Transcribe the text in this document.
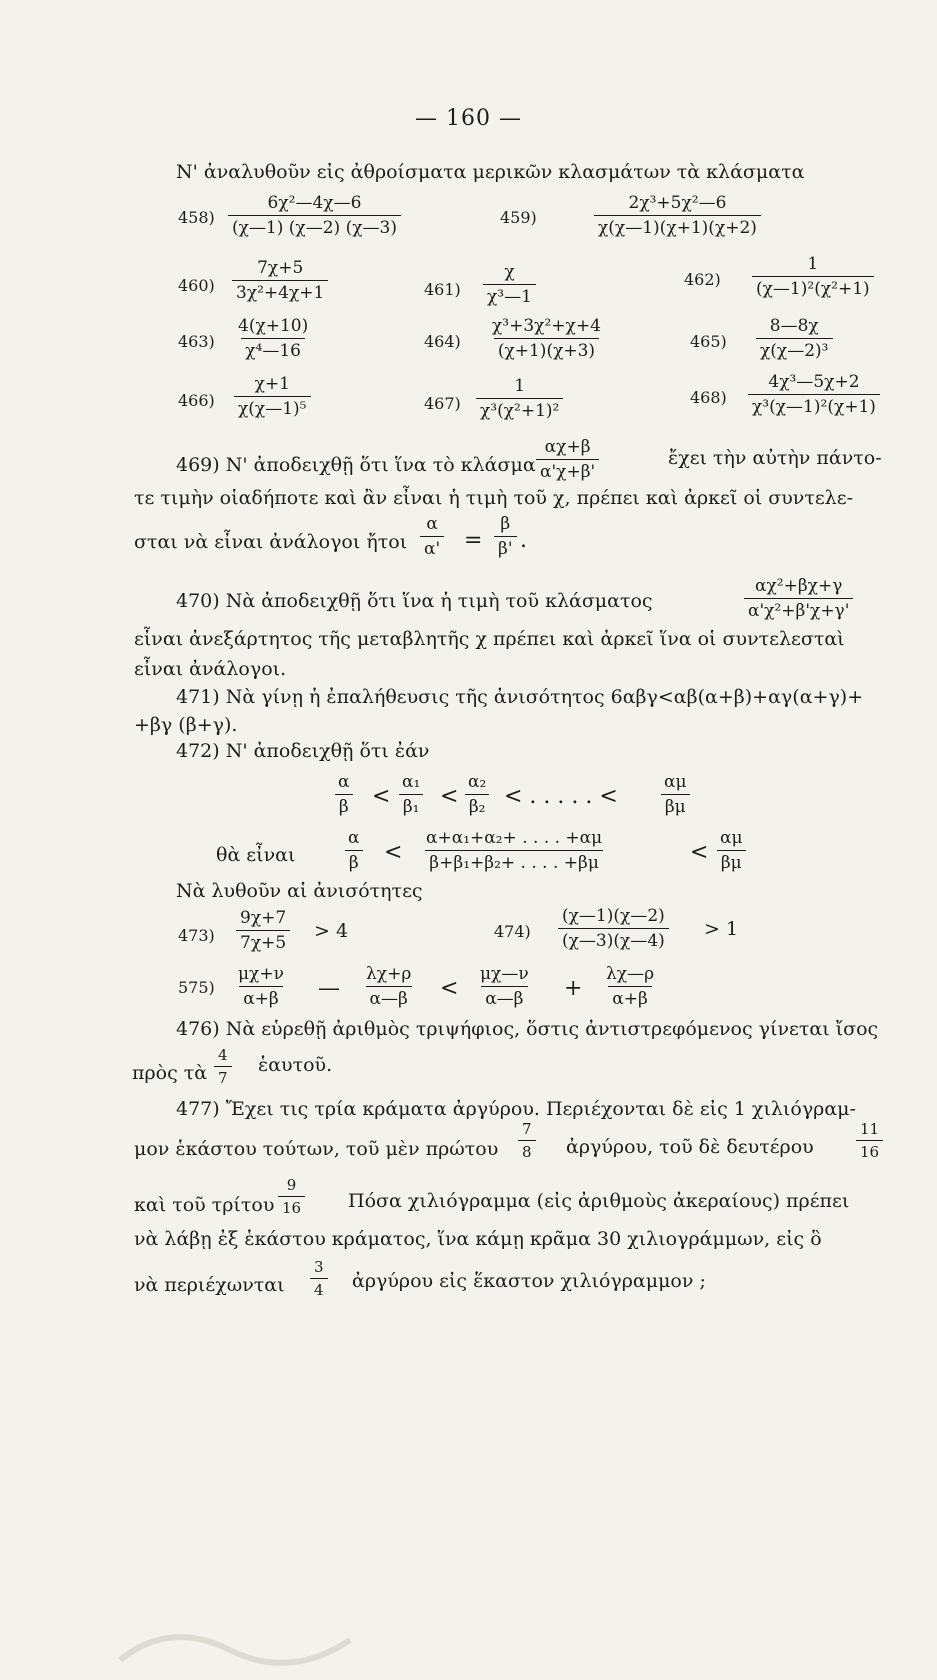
— 160 —
Ν' ἀναλυθοῦν εἰς ἀθροίσματα μερικῶν κλασμάτων τὰ κλάσματα
$458) \frac{\text{6χ²—4χ—6}}{(\chi—1) (\chi—2) (\chi—3)}$	459)	$\frac{\text{2χ³+5χ²—6}}{\chi(\chi—1)(\chi+1)(\chi+2)}$
$460) \frac{7\chi+5}{\text{3χ²+4χ+1}}$	$461) \frac{\chi}{\text{χ³—1}}$	$462) \frac{1}{\text{(χ—1)²(χ²+1)}}$
$463) \frac{4(\chi+10)}{\text{χ⁴—16}}$	$464) \frac{\text{χ³+3χ²+χ+4}}{(\chi+1)(\chi+3)}$	$465) \frac{8—8\chi}{\text{χ(χ—2)³}}$
$466) \frac{\chi+1}{\text{χ(χ—1)⁵}}$	$467) \frac{1}{\text{χ³(χ²+1)²}}$	$468) \frac{\text{4χ³—5χ+2}}{\text{χ³(χ—1)²(χ+1)}}$
469) Ν' ἀποδειχθῇ ὅτι ἵνα τὸ κλάσμα $\frac{\alpha\chi+\beta}{\alpha'\chi+\beta'}$	ἔχει τὴν αὐτὴν πάντο-
τε τιμὴν οἱαδήποτε καὶ ἂν εἶναι ἡ τιμὴ τοῦ χ, πρέπει καὶ ἀρκεῖ οἱ συντελε-
σται νὰ εἶναι ἀνάλογοι ἤτοι $\frac{\alpha}{\alpha'} = \frac{\beta}{\beta'}$ .
470) Νὰ ἀποδειχθῇ ὅτι ἵνα ἡ τιμὴ τοῦ κλάσματος	$\frac{\text{αχ²+βχ+γ}}{\text{α'χ²+β'χ+γ'}}$
εἶναι ἀνεξάρτητος τῆς μεταβλητῆς χ πρέπει καὶ ἀρκεῖ ἵνα οἱ συντελεσταὶ
εἶναι ἀνάλογοι.
471) Νὰ γίνῃ ἡ ἐπαλήθευσις τῆς ἀνισότητος 6αβγ<αβ(α+β)+αγ(α+γ)+
+βγ (β+γ).
472) Ν' ἀποδειχθῇ ὅτι ἐάν
$\frac{\alpha}{\beta} < \frac{\text{α₁}}{\text{β₁}} < \frac{\text{α₂}}{\text{β₂}}$ < . . . . . < $\frac{\alpha\mu}{\beta\mu}$
θὰ εἶναι	$\frac{\alpha}{\beta} < \frac{\text{α+α₁+α₂+ . . . . +αμ}}{\text{β+β₁+β₂+ . . . . +βμ}}$	< $\frac{\alpha\mu}{\beta\mu}$
Νὰ λυθοῦν αἱ ἀνισότητες
$473) \frac{9\chi+7}{7\chi+5} > 4$	$474) \frac{(\chi—1)(\chi—2)}{(\chi—3)(\chi—4)} > 1$
$575) \frac{\mu\chi+\nu}{\alpha+\beta}$ — $\frac{\lambda\chi+\rho}{\alpha—\beta} < \frac{\mu\chi—\nu}{\alpha—\beta} + \frac{\lambda\chi—\rho}{\alpha+\beta}$
476) Νὰ εὑρεθῇ ἀριθμὸς τριψήφιος, ὅστις ἀντιστρεφόμενος γίνεται ἴσος
πρὸς τὰ $\frac{4}{7}$ ἑαυτοῦ.
477) Ἔχει τις τρία κράματα ἀργύρου. Περιέχονται δὲ εἰς 1 χιλιόγραμ-
μον ἑκάστου τούτων, τοῦ μὲν πρώτου $\frac{7}{8}$ ἀργύρου, τοῦ δὲ δευτέρου	$\frac{11}{16}$
καὶ τοῦ τρίτου $\frac{9}{16}$ Πόσα χιλιόγραμμα (εἰς ἀριθμοὺς ἀκεραίους) πρέπει
νὰ λάβῃ ἐξ ἑκάστου κράματος, ἵνα κάμῃ κρᾶμα 30 χιλιογράμμων, εἰς ὃ
νὰ περιέχωνται $\frac{3}{4}$ ἀργύρου εἰς ἕκαστον χιλιόγραμμον ;
